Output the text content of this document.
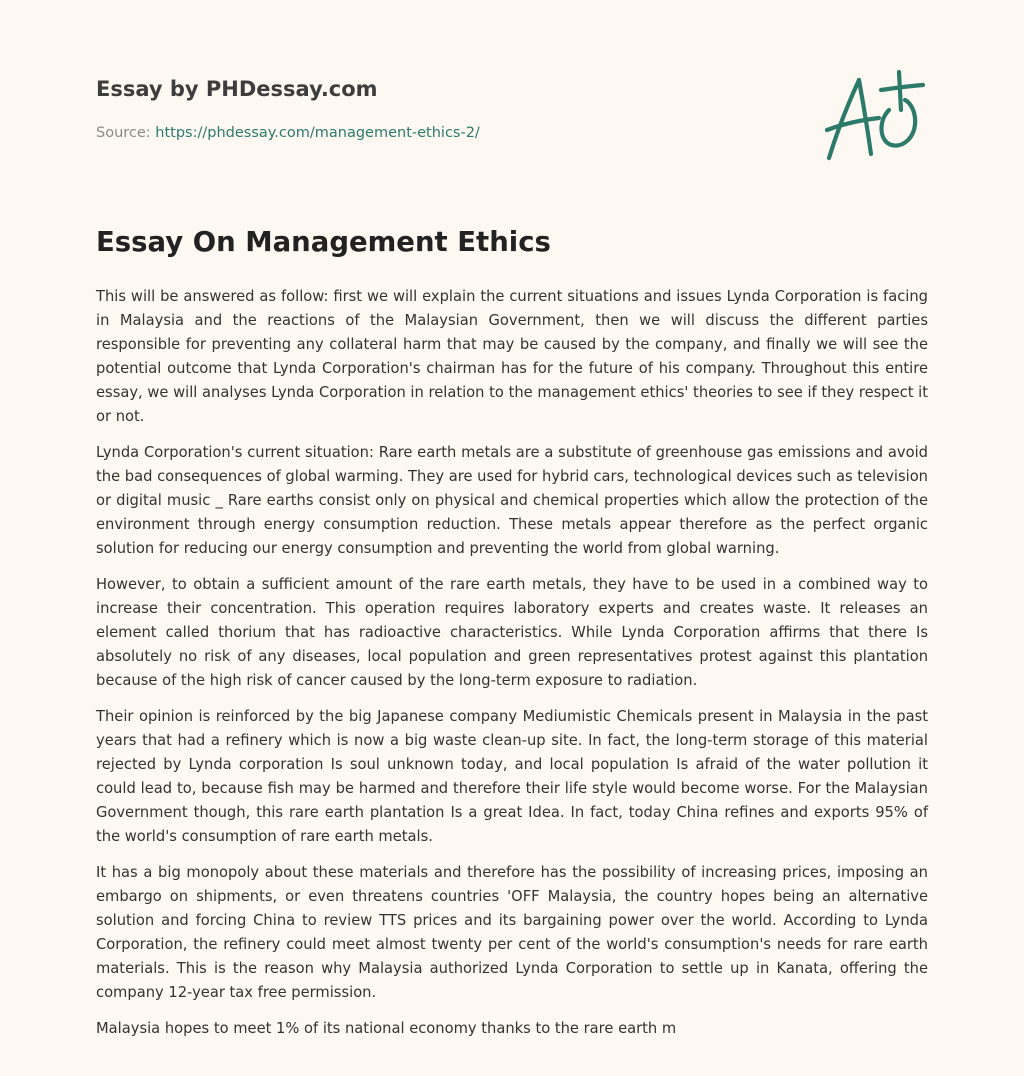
Essay by PHDessay.com
Source: https://phdessay.com/management-ethics-2/
Essay On Management Ethics

This will be answered as follow: first we will explain the current situations and issues Lynda Corporation is facing in Malaysia and the reactions of the Malaysian Government, then we will discuss the different parties responsible for preventing any collateral harm that may be caused by the company, and finally we will see the potential outcome that Lynda Corporation's chairman has for the future of his company. Throughout this entire essay, we will analyses Lynda Corporation in relation to the management ethics' theories to see if they respect it or not.

Lynda Corporation's current situation: Rare earth metals are a substitute of greenhouse gas emissions and avoid the bad consequences of global warming. They are used for hybrid cars, technological devices such as television or digital music _ Rare earths consist only on physical and chemical properties which allow the protection of the environment through energy consumption reduction. These metals appear therefore as the perfect organic solution for reducing our energy consumption and preventing the world from global warning.

However, to obtain a sufficient amount of the rare earth metals, they have to be used in a combined way to increase their concentration. This operation requires laboratory experts and creates waste. It releases an element called thorium that has radioactive characteristics. While Lynda Corporation affirms that there Is absolutely no risk of any diseases, local population and green representatives protest against this plantation because of the high risk of cancer caused by the long-term exposure to radiation.

Their opinion is reinforced by the big Japanese company Mediumistic Chemicals present in Malaysia in the past years that had a refinery which is now a big waste clean-up site. In fact, the long-term storage of this material rejected by Lynda corporation Is soul unknown today, and local population Is afraid of the water pollution it could lead to, because fish may be harmed and therefore their life style would become worse. For the Malaysian Government though, this rare earth plantation Is a great Idea. In fact, today China refines and exports 95% of the world's consumption of rare earth metals.

It has a big monopoly about these materials and therefore has the possibility of increasing prices, imposing an embargo on shipments, or even threatens countries 'OFF Malaysia, the country hopes being an alternative solution and forcing China to review TTS prices and its bargaining power over the world. According to Lynda Corporation, the refinery could meet almost twenty per cent of the world's consumption's needs for rare earth materials. This is the reason why Malaysia authorized Lynda Corporation to settle up in Kanata, offering the company 12-year tax free permission.

Malaysia hopes to meet 1% of its national economy thanks to the rare earth m
